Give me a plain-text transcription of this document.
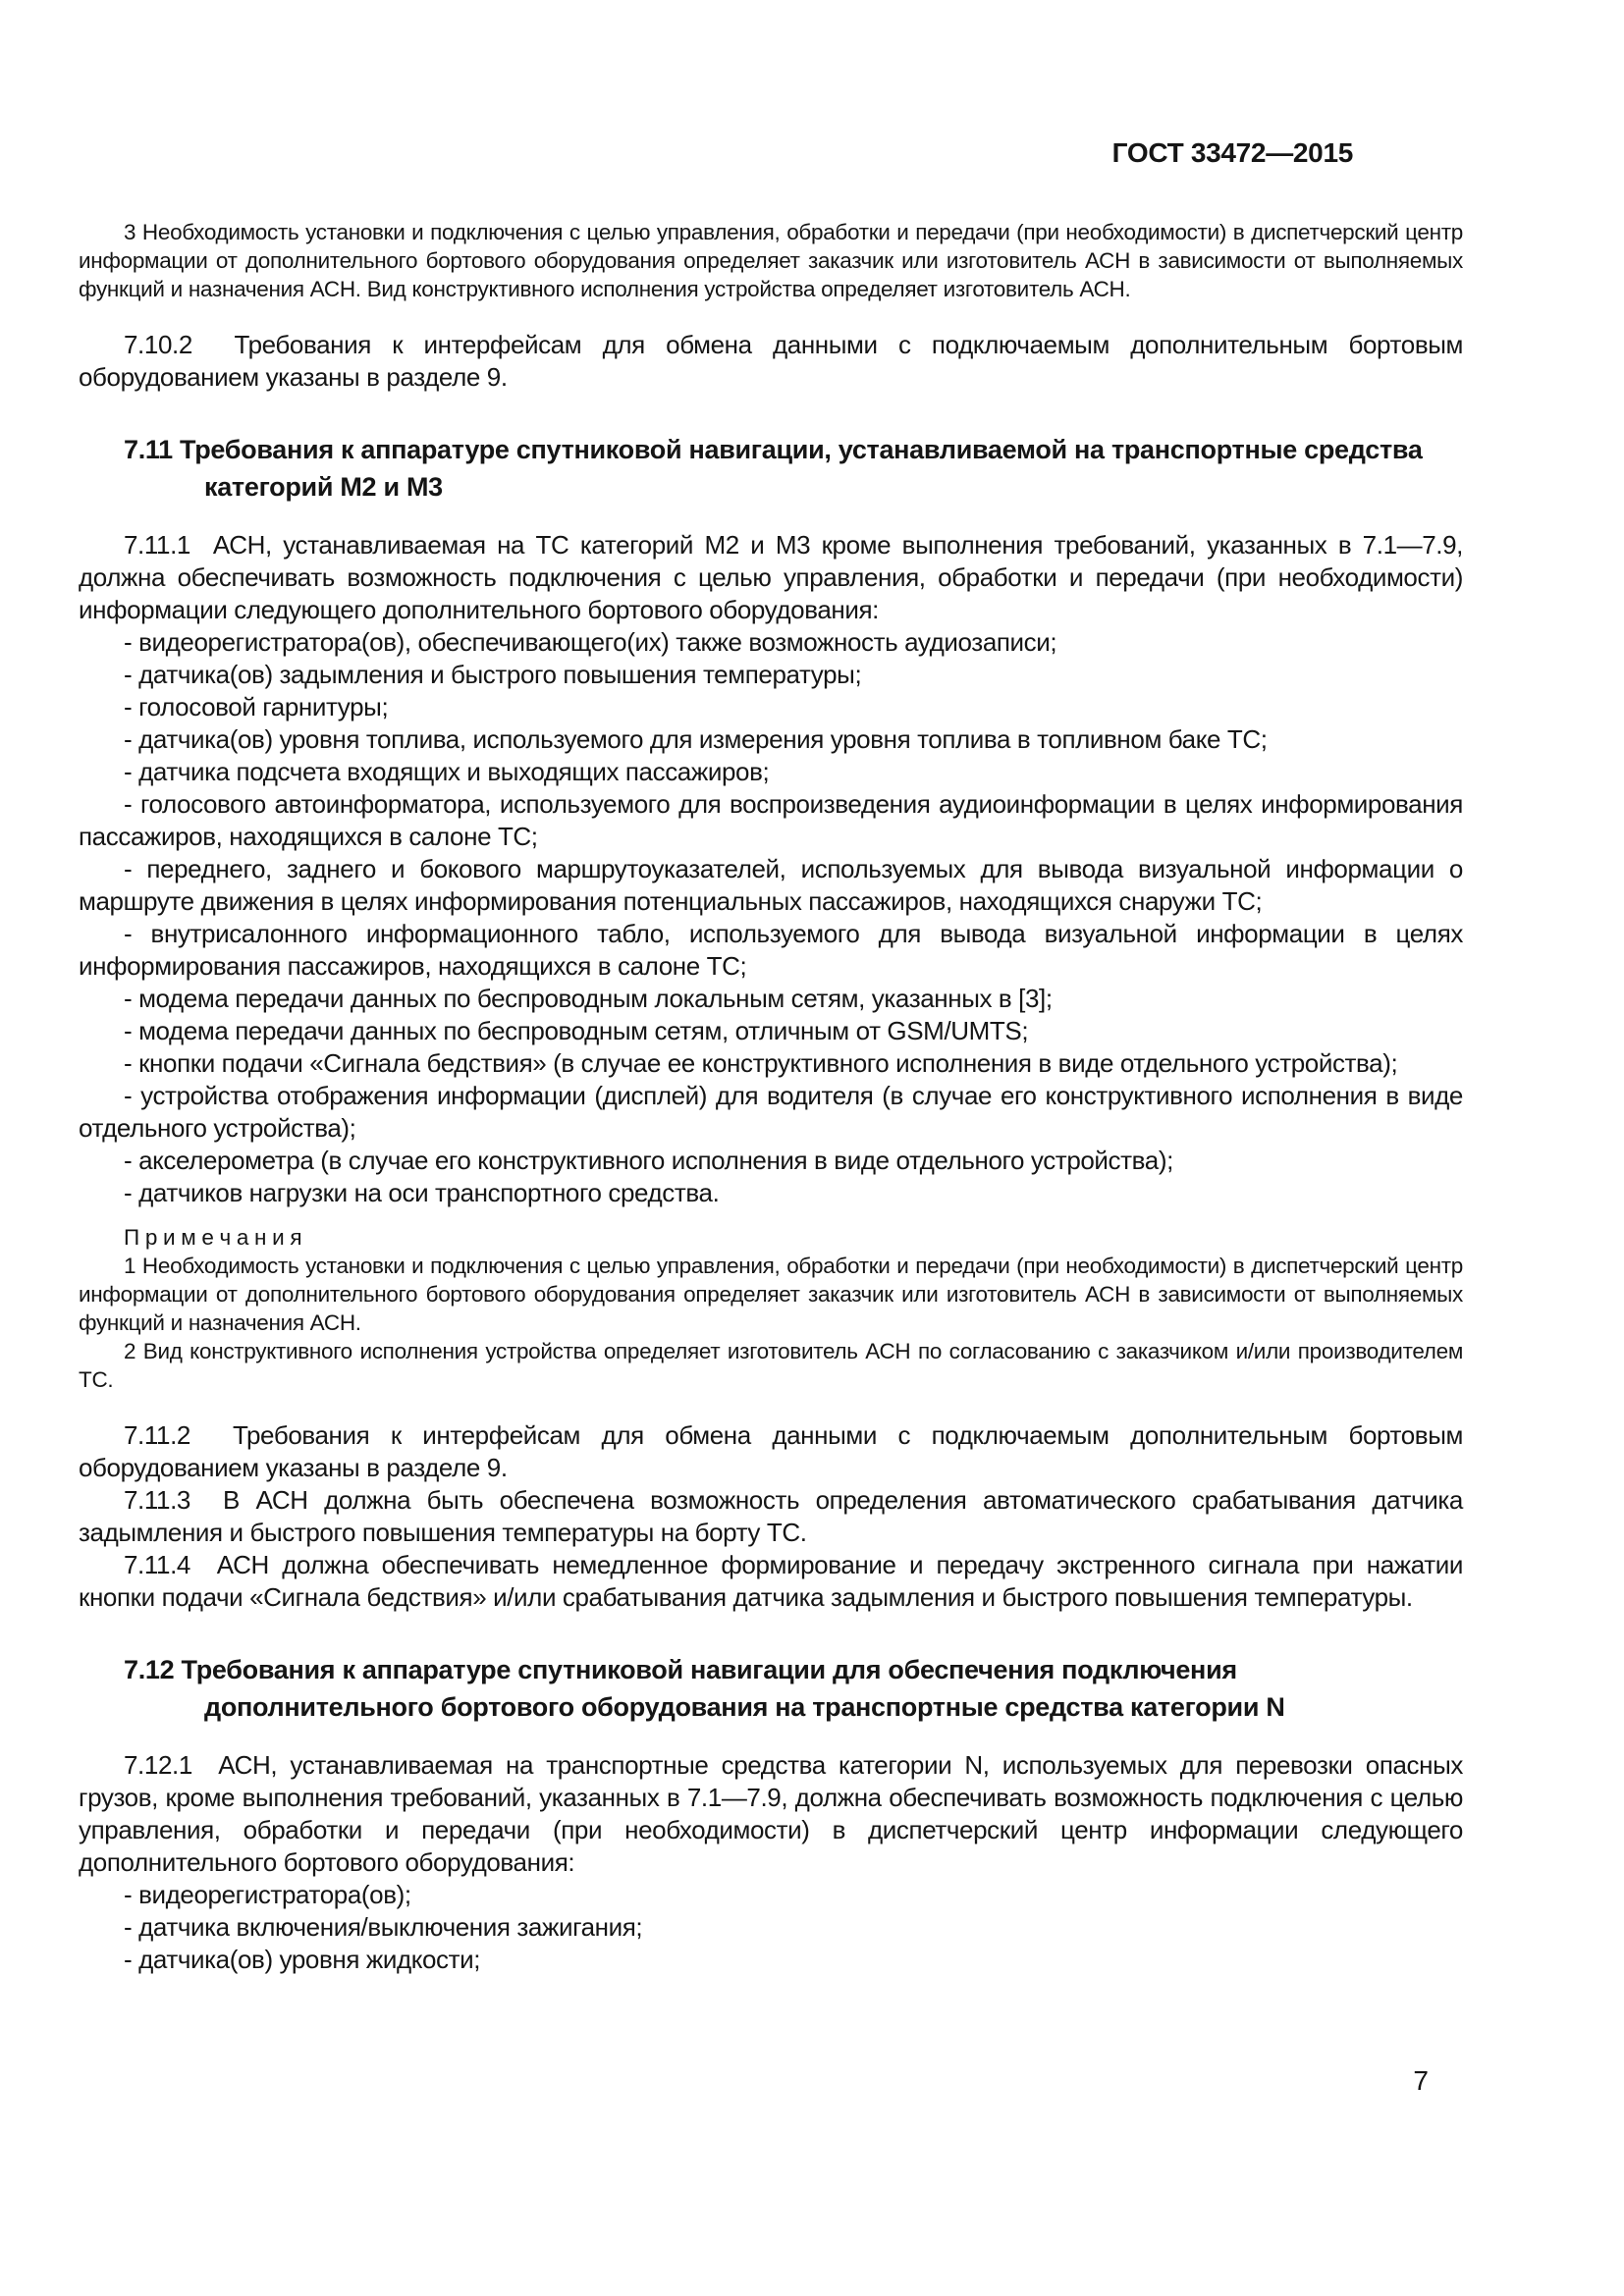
ГОСТ 33472—2015

3 Необходимость установки и подключения с целью управления, обработки и передачи (при необходимости) в диспетчерский центр информации от дополнительного бортового оборудования определяет заказчик или изготовитель АСН в зависимости от выполняемых функций и назначения АСН. Вид конструктивного исполнения устройства определяет изготовитель АСН.

7.10.2  Требования к интерфейсам для обмена данными с подключаемым дополнительным бортовым оборудованием указаны в разделе 9.

7.11 Требования к аппаратуре спутниковой навигации, устанавливаемой на транспортные средства категорий М2 и М3

7.11.1  АСН, устанавливаемая на ТС категорий М2 и М3 кроме выполнения требований, указанных в 7.1—7.9, должна обеспечивать возможность подключения с целью управления, обработки и передачи (при необходимости) информации следующего дополнительного бортового оборудования:

- видеорегистратора(ов), обеспечивающего(их) также возможность аудиозаписи;

- датчика(ов) задымления и быстрого повышения температуры;

- голосовой гарнитуры;

- датчика(ов) уровня топлива, используемого для измерения уровня топлива в топливном баке ТС;

- датчика подсчета входящих и выходящих пассажиров;

- голосового автоинформатора, используемого для воспроизведения аудиоинформации в целях информирования пассажиров, находящихся в салоне ТС;

- переднего, заднего и бокового маршрутоуказателей, используемых для вывода визуальной информации о маршруте движения в целях информирования потенциальных пассажиров, находящихся снаружи ТС;

- внутрисалонного информационного табло, используемого для вывода визуальной информации в целях информирования пассажиров, находящихся в салоне ТС;

- модема передачи данных по беспроводным локальным сетям, указанных в [3];

- модема передачи данных по беспроводным сетям, отличным от GSM/UMTS;

- кнопки подачи «Сигнала бедствия» (в случае ее конструктивного исполнения в виде отдельного устройства);

- устройства отображения информации (дисплей) для водителя (в случае его конструктивного исполнения в виде отдельного устройства);

- акселерометра (в случае его конструктивного исполнения в виде отдельного устройства);

- датчиков нагрузки на оси транспортного средства.

П р и м е ч а н и я

1 Необходимость установки и подключения с целью управления, обработки и передачи (при необходимости) в диспетчерский центр информации от дополнительного бортового оборудования определяет заказчик или изготовитель АСН в зависимости от выполняемых функций и назначения АСН.

2 Вид конструктивного исполнения устройства определяет изготовитель АСН по согласованию с заказчиком и/или производителем ТС.

7.11.2  Требования к интерфейсам для обмена данными с подключаемым дополнительным бортовым оборудованием указаны в разделе 9.

7.11.3  В АСН должна быть обеспечена возможность определения автоматического срабатывания датчика задымления и быстрого повышения температуры на борту ТС.

7.11.4  АСН должна обеспечивать немедленное формирование и передачу экстренного сигнала при нажатии кнопки подачи «Сигнала бедствия» и/или срабатывания датчика задымления и быстрого повышения температуры.

7.12 Требования к аппаратуре спутниковой навигации для обеспечения подключения дополнительного бортового оборудования на транспортные средства категории N

7.12.1  АСН, устанавливаемая на транспортные средства категории N, используемых для перевозки опасных грузов, кроме выполнения требований, указанных в 7.1—7.9, должна обеспечивать возможность подключения с целью управления, обработки и передачи (при необходимости) в диспетчерский центр информации следующего дополнительного бортового оборудования:

- видеорегистратора(ов);

- датчика включения/выключения зажигания;

- датчика(ов) уровня жидкости;

7
